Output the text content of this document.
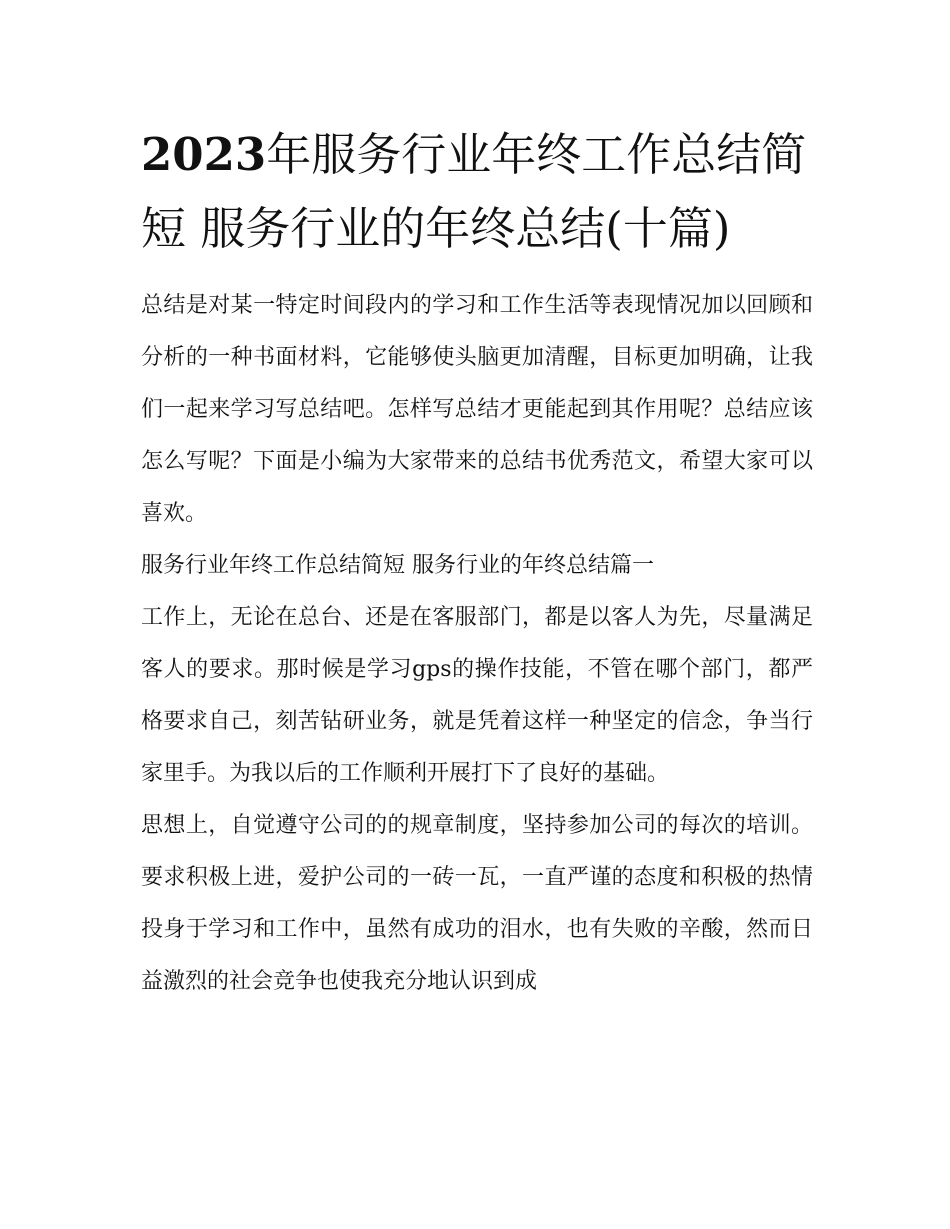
2023年服务行业年终工作总结简短 服务行业的年终总结(十篇)

总结是对某一特定时间段内的学习和工作生活等表现情况加以回顾和分析的一种书面材料，它能够使头脑更加清醒，目标更加明确，让我们一起来学习写总结吧。怎样写总结才更能起到其作用呢？总结应该怎么写呢？下面是小编为大家带来的总结书优秀范文，希望大家可以喜欢。

服务行业年终工作总结简短 服务行业的年终总结篇一

工作上，无论在总台、还是在客服部门，都是以客人为先，尽量满足客人的要求。那时候是学习gps的操作技能，不管在哪个部门，都严格要求自己，刻苦钻研业务，就是凭着这样一种坚定的信念，争当行家里手。为我以后的工作顺利开展打下了良好的基础。

思想上，自觉遵守公司的的规章制度，坚持参加公司的每次的培训。要求积极上进，爱护公司的一砖一瓦，一直严谨的态度和积极的热情投身于学习和工作中，虽然有成功的泪水，也有失败的辛酸，然而日益激烈的社会竞争也使我充分地认识到成
